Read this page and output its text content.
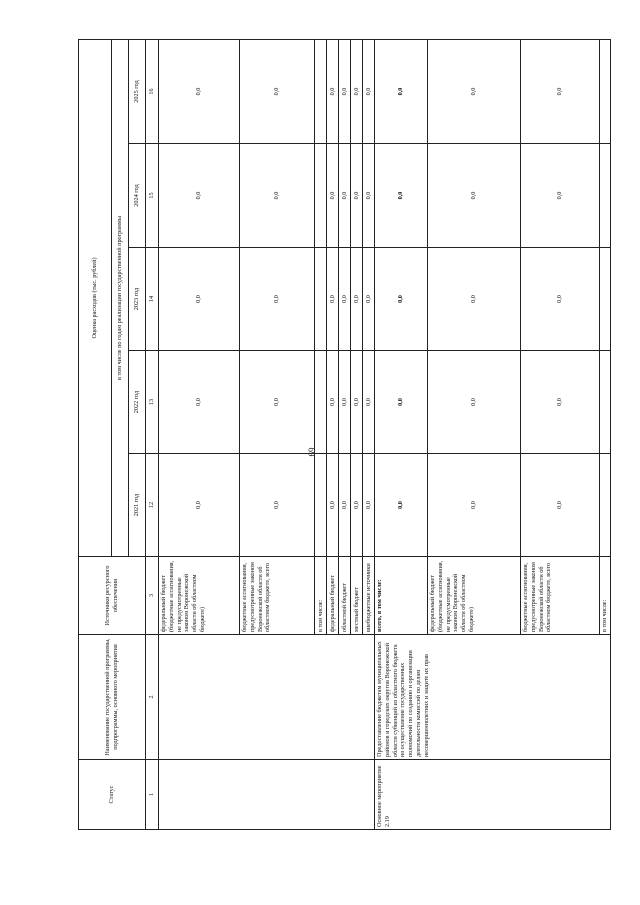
69
Статус	Наименование государственной программы, подпрограммы, основного мероприятия	Источники ресурсного обеспечения	Оценка расходов (тыс. рублей)				
			в том числе по годам реализации государственной программы				
			2021 год	2022 год	2023 год	2024 год	2025 год
1	2	3	12	13	14	15	16
		федеральный бюджет (бюджетные ассигнования, не предусмотренные законом Воронежской области об областном бюджете)	0,0	0,0	0,0	0,0	0,0
		бюджетные ассигнования, предусмотренные законом Воронежской области об областном бюджете, всего	0,0	0,0	0,0	0,0	0,0
		в том числе:					
		федеральный бюджет	0,0	0,0	0,0	0,0	0,0
		областной бюджет	0,0	0,0	0,0	0,0	0,0
		местный бюджет	0,0	0,0	0,0	0,0	0,0
		внебюджетные источники	0,0	0,0	0,0	0,0	0,0
Основное мероприятие 2.19	Предоставление бюджетам муниципальных районов и городских округов Воронежской области субвенций из областного бюджета на осуществление государственных полномочий по созданию и организации деятельности комиссий по делам несовершеннолетних и защите их прав	всего, в том числе:	0,0	0,0	0,0	0,0	0,0
		федеральный бюджет (бюджетные ассигнования, не предусмотренные законом Воронежской области об областном бюджете)	0,0	0,0	0,0	0,0	0,0
		бюджетные ассигнования, предусмотренные законом Воронежской области об областном бюджете, всего	0,0	0,0	0,0	0,0	0,0
		в том числе:					
